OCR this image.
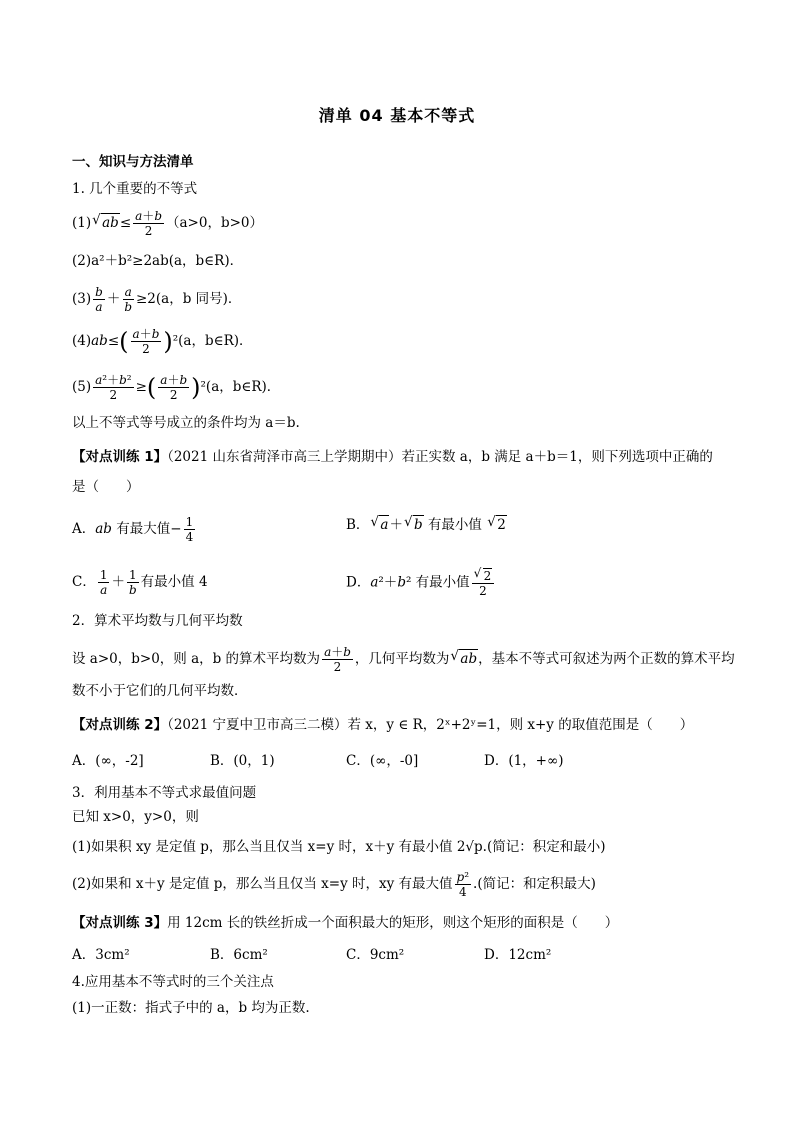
清单 04 基本不等式
一、知识与方法清单
1. 几个重要的不等式
(1) √ $ab\le \frac{a+b}{2} (a>0$，b>0）
(2)a²＋b²≥2ab(a，b∈R)．
$(3) \frac{b}{a} + \frac{a}{b} \ge 2(a$，b 同号)．
$(4)ab\le( \frac{a+b}{2} )^2(a$，b∈R)．
$(5) \frac{\text{a²＋b²}}{2}$ ≥( $\frac{a+b}{2} )^2(a$，b∈R)．
以上不等式等号成立的条件均为 a＝b.
【对点训练 1】（2021 山东省菏泽市高三上学期期中）若正实数 a，b 满足 a＋b＝1，则下列选项中正确的
是（　　）
A．ab 有最大值− $\frac{1}{4}$	B． √ a＋ √ b 有最小值 √ 2
C． $\frac{1}{a} + \frac{1}{b}$ 有最小值 4	D．a²＋b² 有最小值 √ $\frac{2}{2}$
2．算术平均数与几何平均数
设 a>0，b>0，则 a，b 的算术平均数为 $\frac{a+b}{2}$ ，几何平均数为 √ ab，基本不等式可叙述为两个正数的算术平均
数不小于它们的几何平均数．
【对点训练 2】（2021 宁夏中卫市高三二模）若 x，y ∈ R，2ˣ+2ʸ=1，则 x+y 的取值范围是（　　）
A．(∞，-2]	B．(0，1)	C．(∞，-0]	D．(1，+∞)
3．利用基本不等式求最值问题
已知 x>0，y>0，则
(1)如果积 xy 是定值 p，那么当且仅当 x=y 时，x＋y 有最小值 2√p.(简记：积定和最小)
(2)如果和 x＋y 是定值 p，那么当且仅当 x=y 时，xy 有最大值 $\frac{\text{p²}}{4}$ .(简记：和定积最大)
【对点训练 3】用 12cm 长的铁丝折成一个面积最大的矩形，则这个矩形的面积是（　　）
A．3cm²	B．6cm²	C．9cm²	D．12cm²
4.应用基本不等式时的三个关注点
(1)一正数：指式子中的 a，b 均为正数.
